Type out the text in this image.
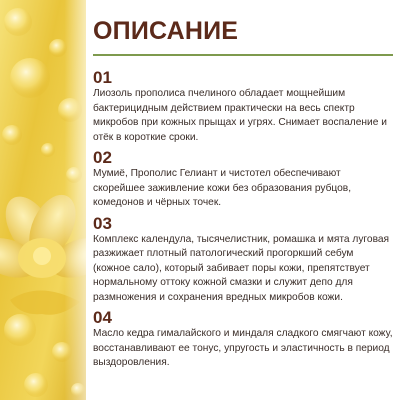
ОПИСАНИЕ
01

Лиозоль прополиса пчелиного обладает мощнейшим бактерицидным действием практически на весь спектр микробов при кожных прыщах и угрях. Снимает воспаление и отёк в короткие сроки.

02

Мумиё, Прополис Гелиант и чистотел обеспечивают скорейшее заживление кожи без образования рубцов, комедонов и чёрных точек.

03

Комплекс календула, тысячелистник, ромашка и мята луговая разжижает плотный патологический прогоркший себум (кожное сало), который забивает поры кожи, препятствует нормальному оттоку кожной смазки и служит депо для размножения и сохранения вредных микробов кожи.

04

Масло кедра гималайского и миндаля сладкого смягчают кожу, восстанавливают ее тонус, упругость и эластичность в период выздоровления.
